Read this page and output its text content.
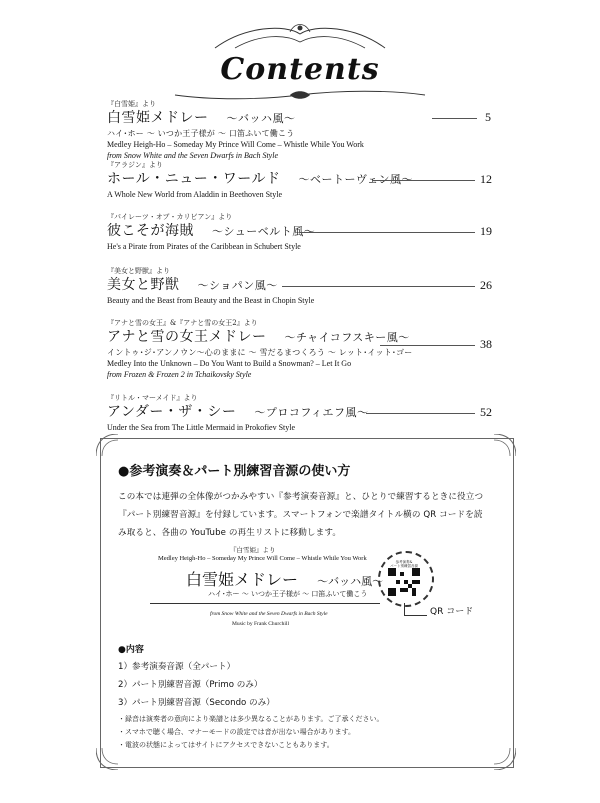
Contents
『白雪姫』より
白雪姫メドレー 〜バッハ風〜
ハイ･ホー 〜 いつか王子様が 〜 口笛ふいて働こう
Medley Heigh-Ho – Someday My Prince Will Come – Whistle While You Work
from Snow White and the Seven Dwarfs in Bach Style
5
『アラジン』より
ホール・ニュー・ワールド 〜ベートーヴェン風〜
A Whole New World from Aladdin in Beethoven Style
12
『パイレーツ・オブ・カリビアン』より
彼こそが海賊 〜シューベルト風〜
He's a Pirate from Pirates of the Caribbean in Schubert Style
19
『美女と野獣』より
美女と野獣 〜ショパン風〜
Beauty and the Beast from Beauty and the Beast in Chopin Style
26
『アナと雪の女王』&『アナと雪の女王2』より
アナと雪の女王メドレー 〜チャイコフスキー風〜
イントゥ･ジ･アンノウン〜心のままに 〜 雪だるまつくろう 〜 レット･イット･ゴー
Medley Into the Unknown – Do You Want to Build a Snowman? – Let It Go
from Frozen & Frozen 2 in Tchaikovsky Style
38
『リトル・マーメイド』より
アンダー・ザ・シー 〜プロコフィエフ風〜
Under the Sea from The Little Mermaid in Prokofiev Style
52
●参考演奏＆パート別練習音源の使い方
この本では連弾の全体像がつかみやすい『参考演奏音源』と、ひとりで練習するときに役立つ
『パート別練習音源』を付録しています。スマートフォンで楽譜タイトル横の QR コードを読
み取ると、各曲の YouTube の再生リストに移動します。
『白雪姫』より
Medley Heigh-Ho – Someday My Prince Will Come – Whistle While You Work
白雪姫メドレー 〜バッハ風〜
ハイ･ホー 〜 いつか王子様が 〜 口笛ふいて働こう
from Snow White and the Seven Dwarfs in Bach Style
Music by Frank Churchill
参考演奏&
パート別練習音源
QR コード
●内容
1）参考演奏音源（全パート）
2）パート別練習音源（Primo のみ）
3）パート別練習音源（Secondo のみ）
・録音は演奏者の意向により楽譜とは多少異なることがあります。ご了承ください。
・スマホで聴く場合、マナーモードの設定では音が出ない場合があります。
・電波の状態によってはサイトにアクセスできないこともあります。
